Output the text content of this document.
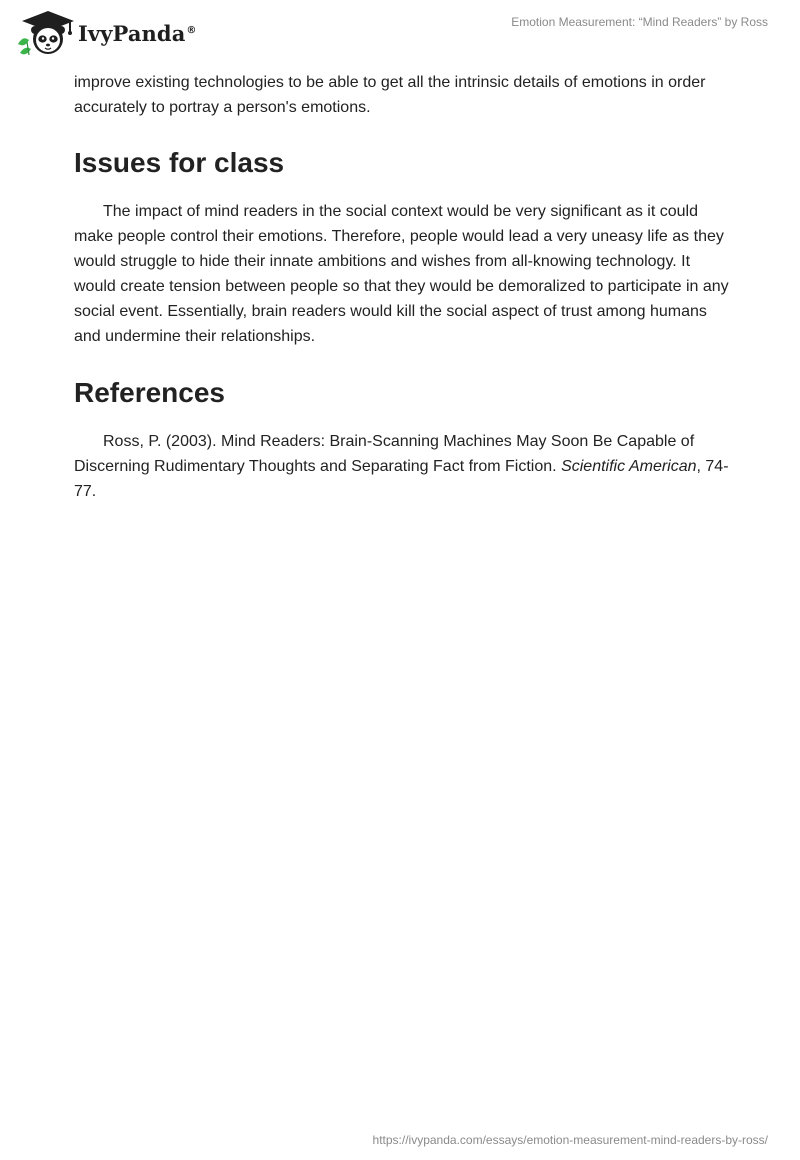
IvyPanda®
Emotion Measurement: “Mind Readers” by Ross

improve existing technologies to be able to get all the intrinsic details of emotions in order accurately to portray a person's emotions.

Issues for class

The impact of mind readers in the social context would be very significant as it could make people control their emotions. Therefore, people would lead a very uneasy life as they would struggle to hide their innate ambitions and wishes from all-knowing technology. It would create tension between people so that they would be demoralized to participate in any social event. Essentially, brain readers would kill the social aspect of trust among humans and undermine their relationships.

References

Ross, P. (2003). Mind Readers: Brain-Scanning Machines May Soon Be Capable of Discerning Rudimentary Thoughts and Separating Fact from Fiction. Scientific American, 74-77.

https://ivypanda.com/essays/emotion-measurement-mind-readers-by-ross/
